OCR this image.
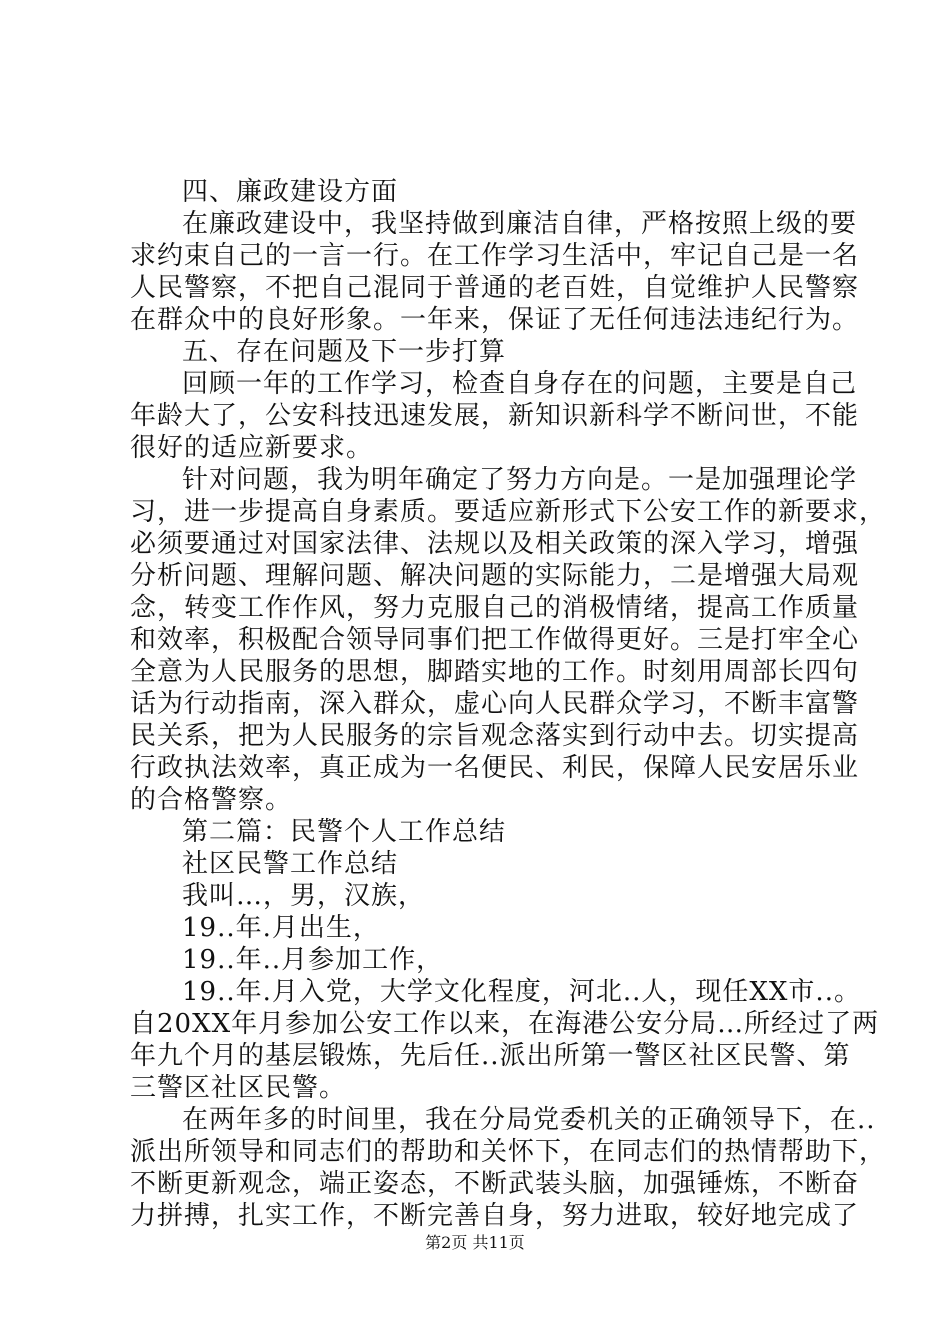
四、廉政建设方面
在廉政建设中，我坚持做到廉洁自律，严格按照上级的要
求约束自己的一言一行。在工作学习生活中，牢记自己是一名
人民警察，不把自己混同于普通的老百姓，自觉维护人民警察
在群众中的良好形象。一年来，保证了无任何违法违纪行为。
五、存在问题及下一步打算
回顾一年的工作学习，检查自身存在的问题，主要是自己
年龄大了，公安科技迅速发展，新知识新科学不断问世，不能
很好的适应新要求。
针对问题，我为明年确定了努力方向是。一是加强理论学
习，进一步提高自身素质。要适应新形式下公安工作的新要求，
必须要通过对国家法律、法规以及相关政策的深入学习，增强
分析问题、理解问题、解决问题的实际能力，二是增强大局观
念，转变工作作风，努力克服自己的消极情绪，提高工作质量
和效率，积极配合领导同事们把工作做得更好。三是打牢全心
全意为人民服务的思想，脚踏实地的工作。时刻用周部长四句
话为行动指南，深入群众，虚心向人民群众学习，不断丰富警
民关系，把为人民服务的宗旨观念落实到行动中去。切实提高
行政执法效率，真正成为一名便民、利民，保障人民安居乐业
的合格警察。
第二篇：民警个人工作总结
社区民警工作总结
我叫…，男，汉族，
19..年.月出生，
19..年..月参加工作，
19..年.月入党，大学文化程度，河北..人，现任XX市..。
自20XX年月参加公安工作以来，在海港公安分局…所经过了两
年九个月的基层锻炼，先后任..派出所第一警区社区民警、第
三警区社区民警。
在两年多的时间里，我在分局党委机关的正确领导下，在..
派出所领导和同志们的帮助和关怀下，在同志们的热情帮助下，
不断更新观念，端正姿态，不断武装头脑，加强锤炼，不断奋
力拼搏，扎实工作，不断完善自身，努力进取，较好地完成了
第2页 共11页
